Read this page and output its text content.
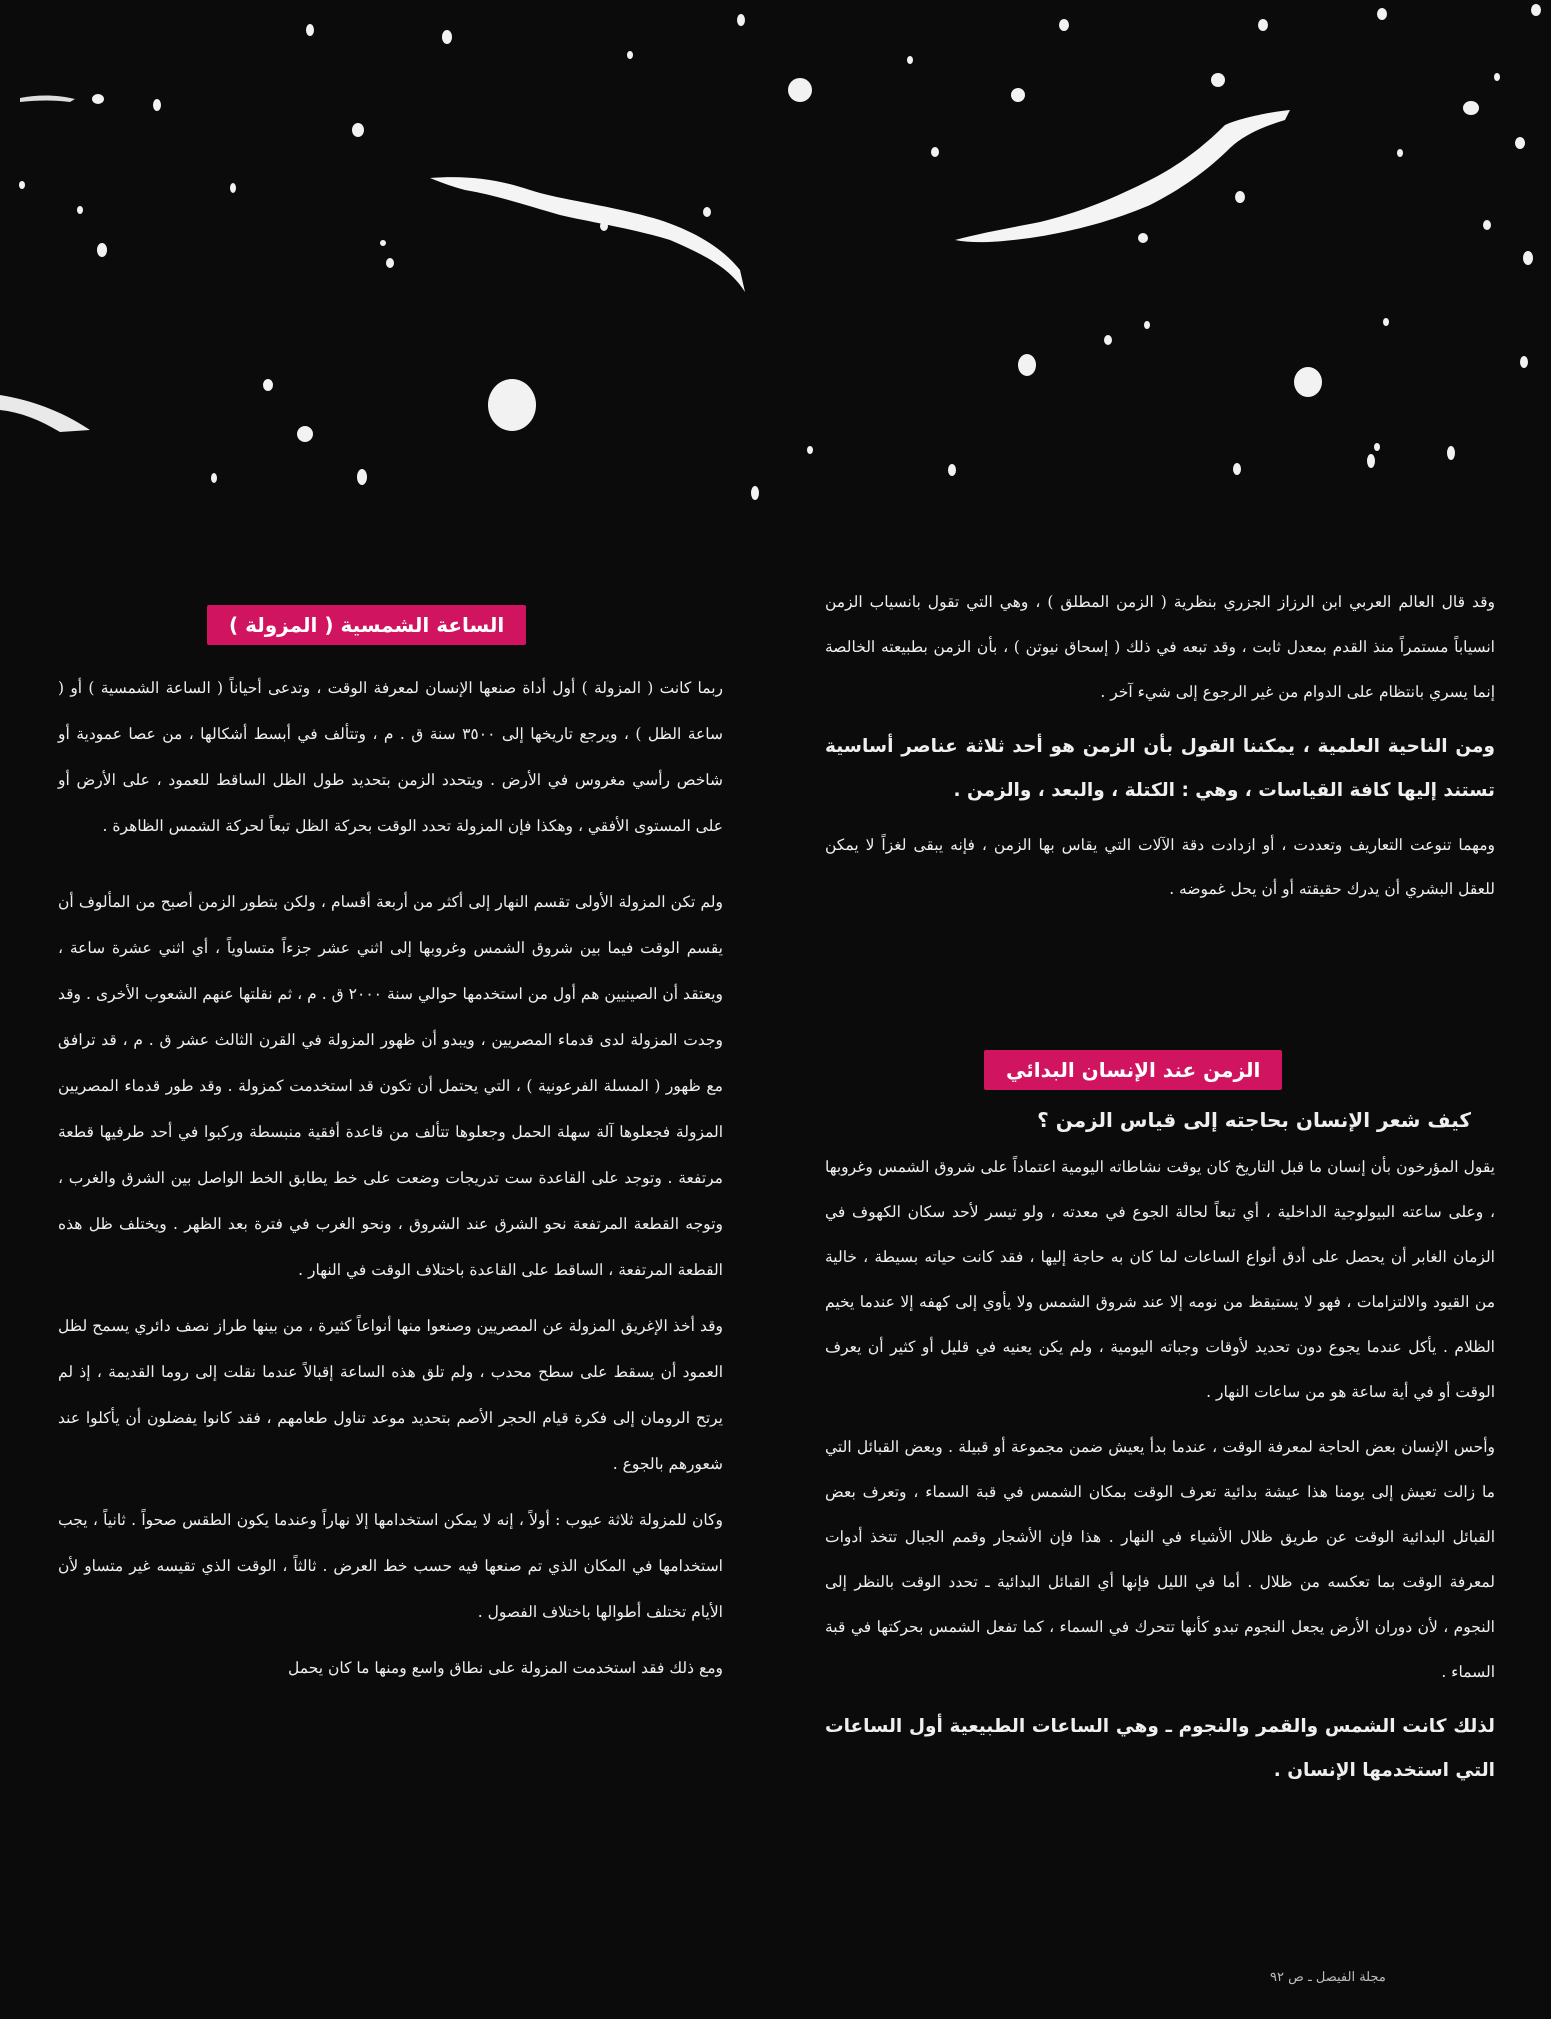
وقد قال العالم العربي ابن الرزاز الجزري بنظرية ( الزمن المطلق ) ، وهي التي تقول بانسياب الزمن انسياباً مستمراً منذ القدم بمعدل ثابت ، وقد تبعه في ذلك ( إسحاق نيوتن ) ، بأن الزمن بطبيعته الخالصة إنما يسري بانتظام على الدوام من غير الرجوع إلى شيء آخر .

ومن الناحية العلمية ، يمكننا القول بأن الزمن هو أحد ثلاثة عناصر أساسية تستند إليها كافة القياسات ، وهي : الكتلة ، والبعد ، والزمن .

ومهما تنوعت التعاريف وتعددت ، أو ازدادت دقة الآلات التي يقاس بها الزمن ، فإنه يبقى لغزاً لا يمكن للعقل البشري أن يدرك حقيقته أو أن يحل غموضه .

الزمن عند الإنسان البدائي
كيف شعر الإنسان بحاجته إلى قياس الزمن ؟

يقول المؤرخون بأن إنسان ما قبل التاريخ كان يوقت نشاطاته اليومية اعتماداً على شروق الشمس وغروبها ، وعلى ساعته البيولوجية الداخلية ، أي تبعاً لحالة الجوع في معدته ، ولو تيسر لأحد سكان الكهوف في الزمان الغابر أن يحصل على أدق أنواع الساعات لما كان به حاجة إليها ، فقد كانت حياته بسيطة ، خالية من القيود والالتزامات ، فهو لا يستيقظ من نومه إلا عند شروق الشمس ولا يأوي إلى كهفه إلا عندما يخيم الظلام . يأكل عندما يجوع دون تحديد لأوقات وجباته اليومية ، ولم يكن يعنيه في قليل أو كثير أن يعرف الوقت أو في أية ساعة هو من ساعات النهار .

وأحس الإنسان بعض الحاجة لمعرفة الوقت ، عندما بدأ يعيش ضمن مجموعة أو قبيلة . وبعض القبائل التي ما زالت تعيش إلى يومنا هذا عيشة بدائية تعرف الوقت بمكان الشمس في قبة السماء ، وتعرف بعض القبائل البدائية الوقت عن طريق ظلال الأشياء في النهار . هذا فإن الأشجار وقمم الجبال تتخذ أدوات لمعرفة الوقت بما تعكسه من ظلال . أما في الليل فإنها أي القبائل البدائية ـ تحدد الوقت بالنظر إلى النجوم ، لأن دوران الأرض يجعل النجوم تبدو كأنها تتحرك في السماء ، كما تفعل الشمس بحركتها في قبة السماء .

لذلك كانت الشمس والقمر والنجوم ـ وهي الساعات الطبيعية أول الساعات التي استخدمها الإنسان .

الساعة الشمسية ( المزولة )

ربما كانت ( المزولة ) أول أداة صنعها الإنسان لمعرفة الوقت ، وتدعى أحياناً ( الساعة الشمسية ) أو ( ساعة الظل ) ، ويرجع تاريخها إلى ٣٥٠٠ سنة ق . م ، وتتألف في أبسط أشكالها ، من عصا عمودية أو شاخص رأسي مغروس في الأرض . ويتحدد الزمن بتحديد طول الظل الساقط للعمود ، على الأرض أو على المستوى الأفقي ، وهكذا فإن المزولة تحدد الوقت بحركة الظل تبعاً لحركة الشمس الظاهرة .

ولم تكن المزولة الأولى تقسم النهار إلى أكثر من أربعة أقسام ، ولكن بتطور الزمن أصبح من المألوف أن يقسم الوقت فيما بين شروق الشمس وغروبها إلى اثني عشر جزءاً متساوياً ، أي اثني عشرة ساعة ، ويعتقد أن الصينيين هم أول من استخدمها حوالي سنة ٢٠٠٠ ق . م ، ثم نقلتها عنهم الشعوب الأخرى . وقد وجدت المزولة لدى قدماء المصريين ، ويبدو أن ظهور المزولة في القرن الثالث عشر ق . م ، قد ترافق مع ظهور ( المسلة الفرعونية ) ، التي يحتمل أن تكون قد استخدمت كمزولة . وقد طور قدماء المصريين المزولة فجعلوها آلة سهلة الحمل وجعلوها تتألف من قاعدة أفقية منبسطة وركبوا في أحد طرفيها قطعة مرتفعة . وتوجد على القاعدة ست تدريجات وضعت على خط يطابق الخط الواصل بين الشرق والغرب ، وتوجه القطعة المرتفعة نحو الشرق عند الشروق ، ونحو الغرب في فترة بعد الظهر . ويختلف ظل هذه القطعة المرتفعة ، الساقط على القاعدة باختلاف الوقت في النهار .

وقد أخذ الإغريق المزولة عن المصريين وصنعوا منها أنواعاً كثيرة ، من بينها طراز نصف دائري يسمح لظل العمود أن يسقط على سطح محدب ، ولم تلق هذه الساعة إقبالاً عندما نقلت إلى روما القديمة ، إذ لم يرتح الرومان إلى فكرة قيام الحجر الأصم بتحديد موعد تناول طعامهم ، فقد كانوا يفضلون أن يأكلوا عند شعورهم بالجوع .

وكان للمزولة ثلاثة عيوب : أولاً ، إنه لا يمكن استخدامها إلا نهاراً وعندما يكون الطقس صحواً . ثانياً ، يجب استخدامها في المكان الذي تم صنعها فيه حسب خط العرض . ثالثاً ، الوقت الذي تقيسه غير متساو لأن الأيام تختلف أطوالها باختلاف الفصول .

ومع ذلك فقد استخدمت المزولة على نطاق واسع ومنها ما كان يحمل

مجلة الفيصل ـ ص ٩٢
